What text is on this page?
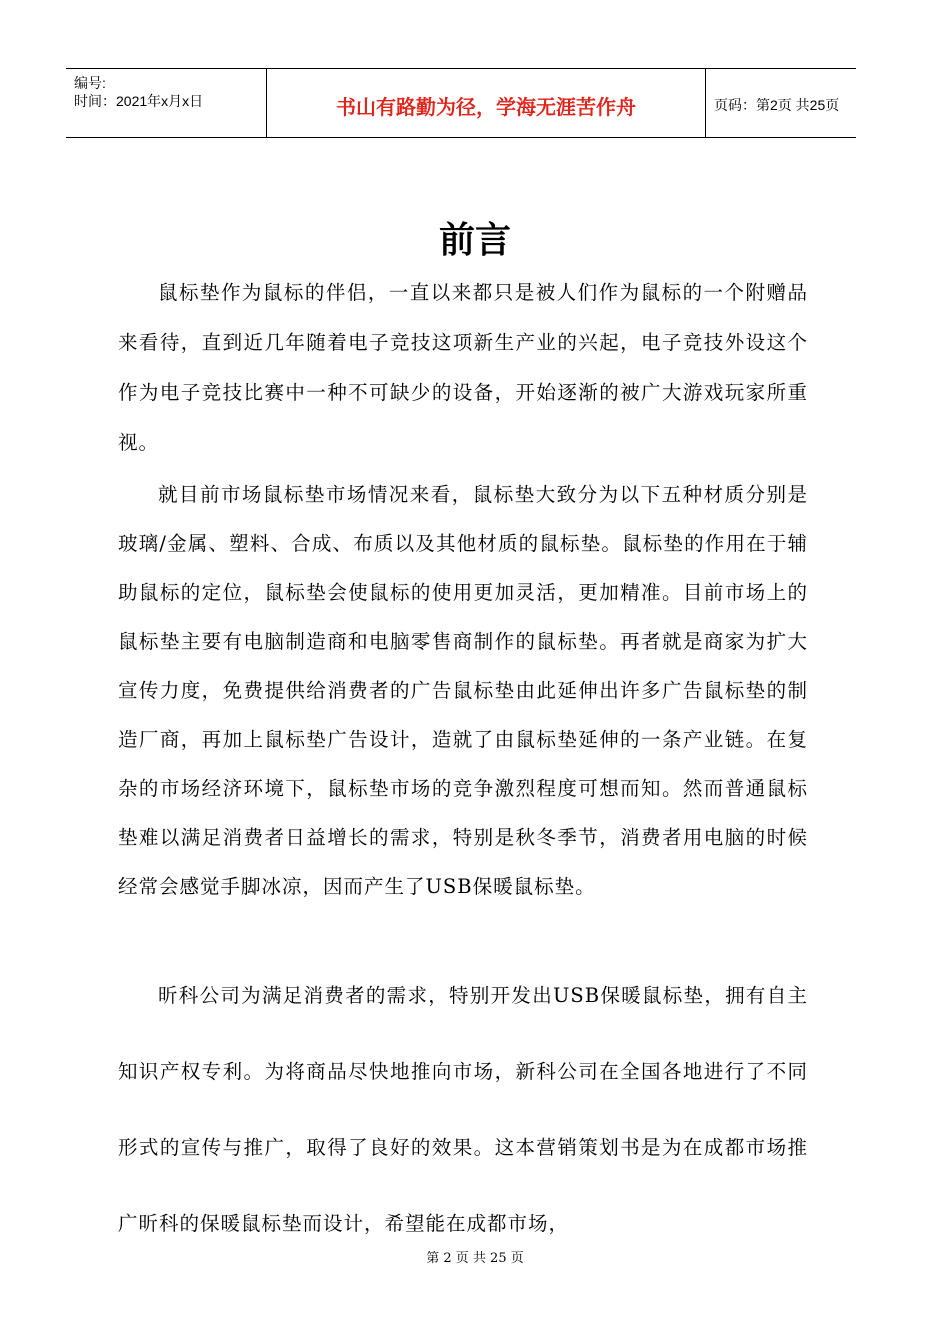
编号:
时间：2021年x月x日	书山有路勤为径，学海无涯苦作舟	页码：第2页 共25页
前言
鼠标垫作为鼠标的伴侣，一直以来都只是被人们作为鼠标的一个附赠品来看待，直到近几年随着电子竞技这项新生产业的兴起，电子竞技外设这个作为电子竞技比赛中一种不可缺少的设备，开始逐渐的被广大游戏玩家所重视。
就目前市场鼠标垫市场情况来看，鼠标垫大致分为以下五种材质分别是玻璃/金属、塑料、合成、布质以及其他材质的鼠标垫。鼠标垫的作用在于辅助鼠标的定位，鼠标垫会使鼠标的使用更加灵活，更加精准。目前市场上的鼠标垫主要有电脑制造商和电脑零售商制作的鼠标垫。再者就是商家为扩大宣传力度，免费提供给消费者的广告鼠标垫由此延伸出许多广告鼠标垫的制造厂商，再加上鼠标垫广告设计，造就了由鼠标垫延伸的一条产业链。在复杂的市场经济环境下，鼠标垫市场的竞争激烈程度可想而知。然而普通鼠标垫难以满足消费者日益增长的需求，特别是秋冬季节，消费者用电脑的时候经常会感觉手脚冰凉，因而产生了USB保暖鼠标垫。
昕科公司为满足消费者的需求，特别开发出USB保暖鼠标垫，拥有自主知识产权专利。为将商品尽快地推向市场，新科公司在全国各地进行了不同形式的宣传与推广，取得了良好的效果。这本营销策划书是为在成都市场推广昕科的保暖鼠标垫而设计，希望能在成都市场，
第 2 页 共 25 页
